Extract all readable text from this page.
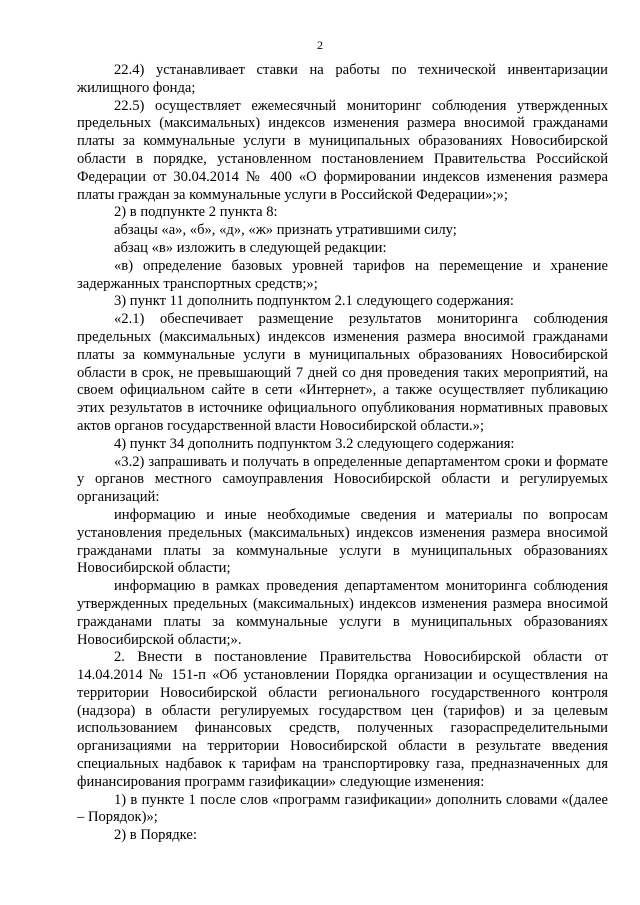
2

22.4) устанавливает ставки на работы по технической инвентаризации жилищного фонда;

22.5) осуществляет ежемесячный мониторинг соблюдения утвержденных предельных (максимальных) индексов изменения размера вносимой гражданами платы за коммунальные услуги в муниципальных образованиях Новосибирской области в порядке, установленном постановлением Правительства Российской Федерации от 30.04.2014 № 400 «О формировании индексов изменения размера платы граждан за коммунальные услуги в Российской Федерации»;»;

2) в подпункте 2 пункта 8:

абзацы «а», «б», «д», «ж» признать утратившими силу;

абзац «в» изложить в следующей редакции:

«в) определение базовых уровней тарифов на перемещение и хранение задержанных транспортных средств;»;

3) пункт 11 дополнить подпунктом 2.1 следующего содержания:

«2.1) обеспечивает размещение результатов мониторинга соблюдения предельных (максимальных) индексов изменения размера вносимой гражданами платы за коммунальные услуги в муниципальных образованиях Новосибирской области в срок, не превышающий 7 дней со дня проведения таких мероприятий, на своем официальном сайте в сети «Интернет», а также осуществляет публикацию этих результатов в источнике официального опубликования нормативных правовых актов органов государственной власти Новосибирской области.»;

4) пункт 34 дополнить подпунктом 3.2 следующего содержания:

«3.2) запрашивать и получать в определенные департаментом сроки и формате у органов местного самоуправления Новосибирской области и регулируемых организаций:

информацию и иные необходимые сведения и материалы по вопросам установления предельных (максимальных) индексов изменения размера вносимой гражданами платы за коммунальные услуги в муниципальных образованиях Новосибирской области;

информацию в рамках проведения департаментом мониторинга соблюдения утвержденных предельных (максимальных) индексов изменения размера вносимой гражданами платы за коммунальные услуги в муниципальных образованиях Новосибирской области;».

2. Внести в постановление Правительства Новосибирской области от 14.04.2014 № 151-п «Об установлении Порядка организации и осуществления на территории Новосибирской области регионального государственного контроля (надзора) в области регулируемых государством цен (тарифов) и за целевым использованием финансовых средств, полученных газораспределительными организациями на территории Новосибирской области в результате введения специальных надбавок к тарифам на транспортировку газа, предназначенных для финансирования программ газификации» следующие изменения:

1) в пункте 1 после слов «программ газификации» дополнить словами «(далее – Порядок)»;

2) в Порядке:
